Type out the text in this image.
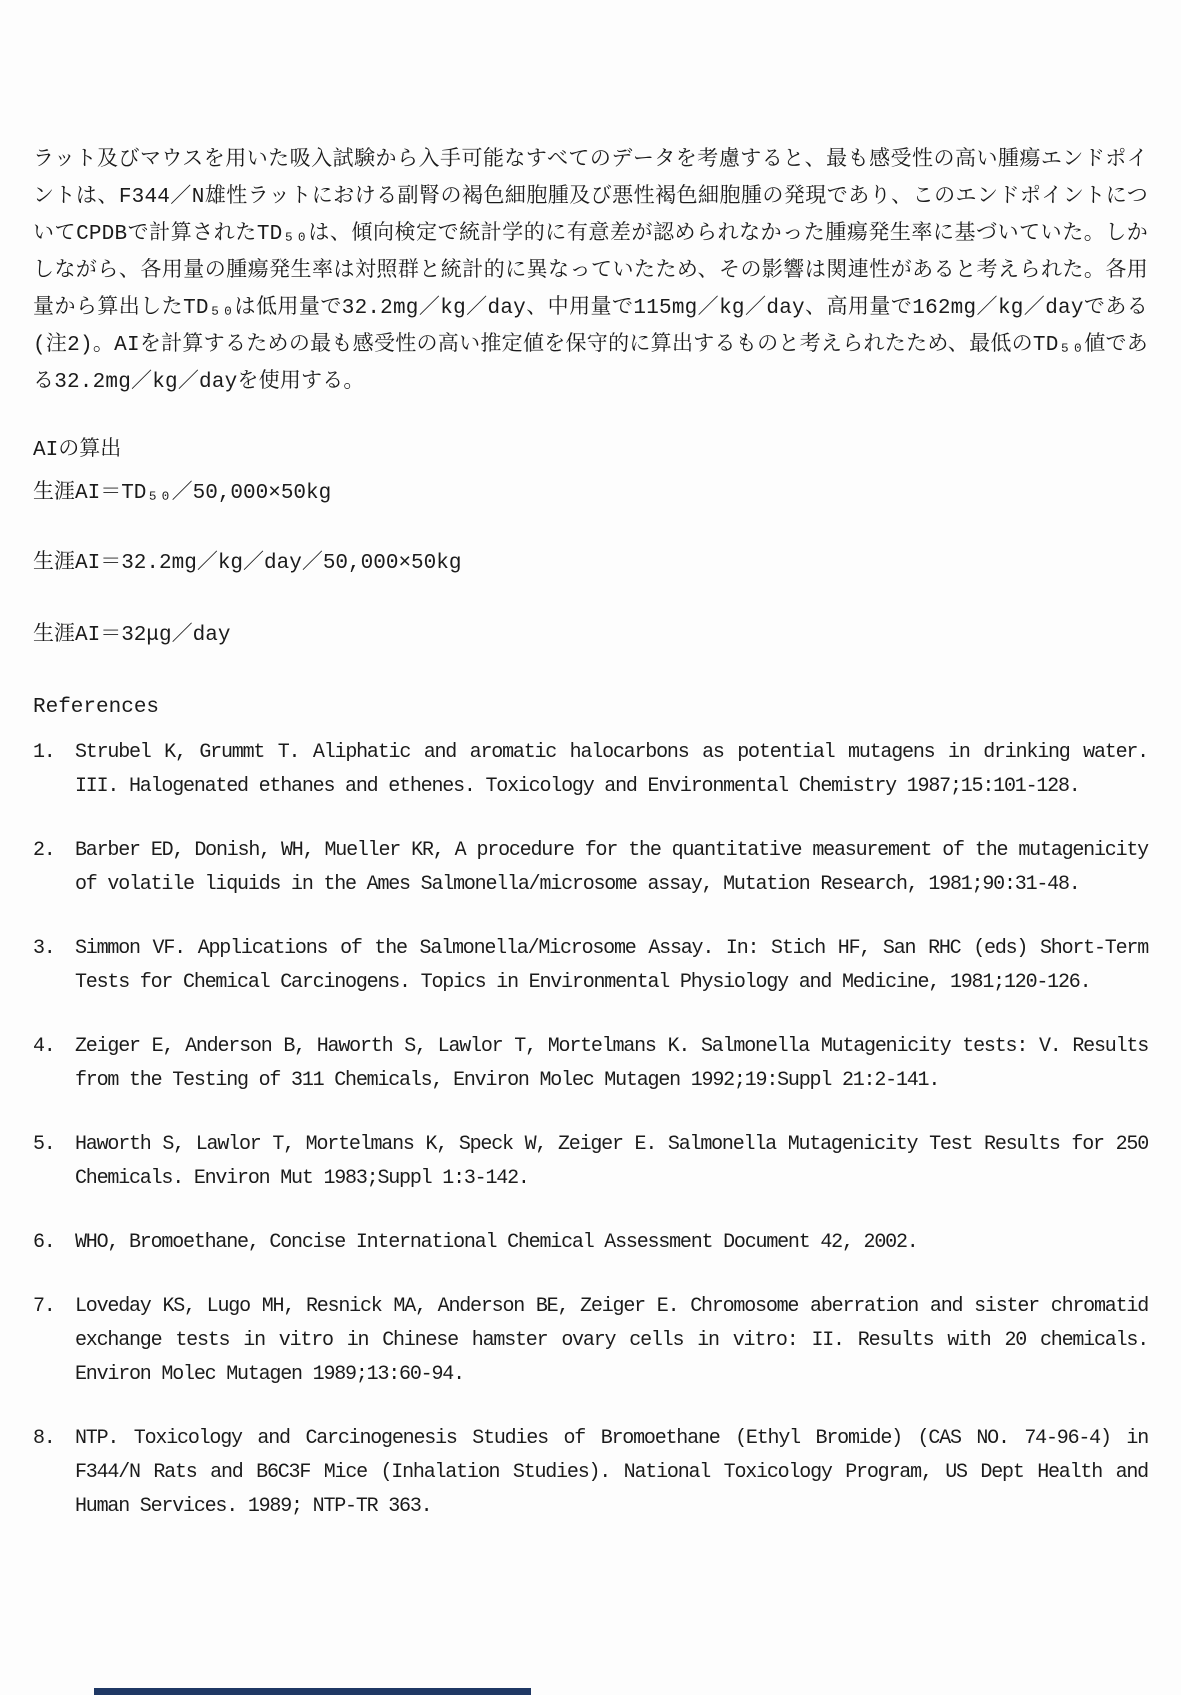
ラット及びマウスを用いた吸入試験から入手可能なすべてのデータを考慮すると、最も感受性の高い腫瘍エンドポイントは、F344／N雄性ラットにおける副腎の褐色細胞腫及び悪性褐色細胞腫の発現であり、このエンドポイントについてCPDBで計算されたTD₅₀は、傾向検定で統計学的に有意差が認められなかった腫瘍発生率に基づいていた。しかしながら、各用量の腫瘍発生率は対照群と統計的に異なっていたため、その影響は関連性があると考えられた。各用量から算出したTD₅₀は低用量で32.2mg／kg／day、中用量で115mg／kg／day、高用量で162mg／kg／dayである(注2)。AIを計算するための最も感受性の高い推定値を保守的に算出するものと考えられたため、最低のTD₅₀値である32.2mg／kg／dayを使用する。

AIの算出

生涯AI＝TD₅₀／50,000×50kg

生涯AI＝32.2mg／kg／day／50,000×50kg

生涯AI＝32μg／day

References
1.	Strubel K, Grummt T. Aliphatic and aromatic halocarbons as potential mutagens in drinking water. III. Halogenated ethanes and ethenes. Toxicology and Environmental Chemistry 1987;15:101-128.
2.	Barber ED, Donish, WH, Mueller KR, A procedure for the quantitative measurement of the mutagenicity of volatile liquids in the Ames Salmonella/microsome assay, Mutation Research, 1981;90:31-48.
3.	Simmon VF. Applications of the Salmonella/Microsome Assay. In: Stich HF, San RHC (eds) Short-Term Tests for Chemical Carcinogens. Topics in Environmental Physiology and Medicine, 1981;120-126.
4.	Zeiger E, Anderson B, Haworth S, Lawlor T, Mortelmans K. Salmonella Mutagenicity tests: V. Results from the Testing of 311 Chemicals, Environ Molec Mutagen 1992;19:Suppl 21:2-141.
5.	Haworth S, Lawlor T, Mortelmans K, Speck W, Zeiger E. Salmonella Mutagenicity Test Results for 250 Chemicals. Environ Mut 1983;Suppl 1:3-142.
6.	WHO, Bromoethane, Concise International Chemical Assessment Document 42, 2002.
7.	Loveday KS, Lugo MH, Resnick MA, Anderson BE, Zeiger E. Chromosome aberration and sister chromatid exchange tests in vitro in Chinese hamster ovary cells in vitro: II. Results with 20 chemicals. Environ Molec Mutagen 1989;13:60-94.
8.	NTP. Toxicology and Carcinogenesis Studies of Bromoethane (Ethyl Bromide) (CAS NO. 74-96-4) in F344/N Rats and B6C3F Mice (Inhalation Studies). National Toxicology Program, US Dept Health and Human Services. 1989; NTP-TR 363.
